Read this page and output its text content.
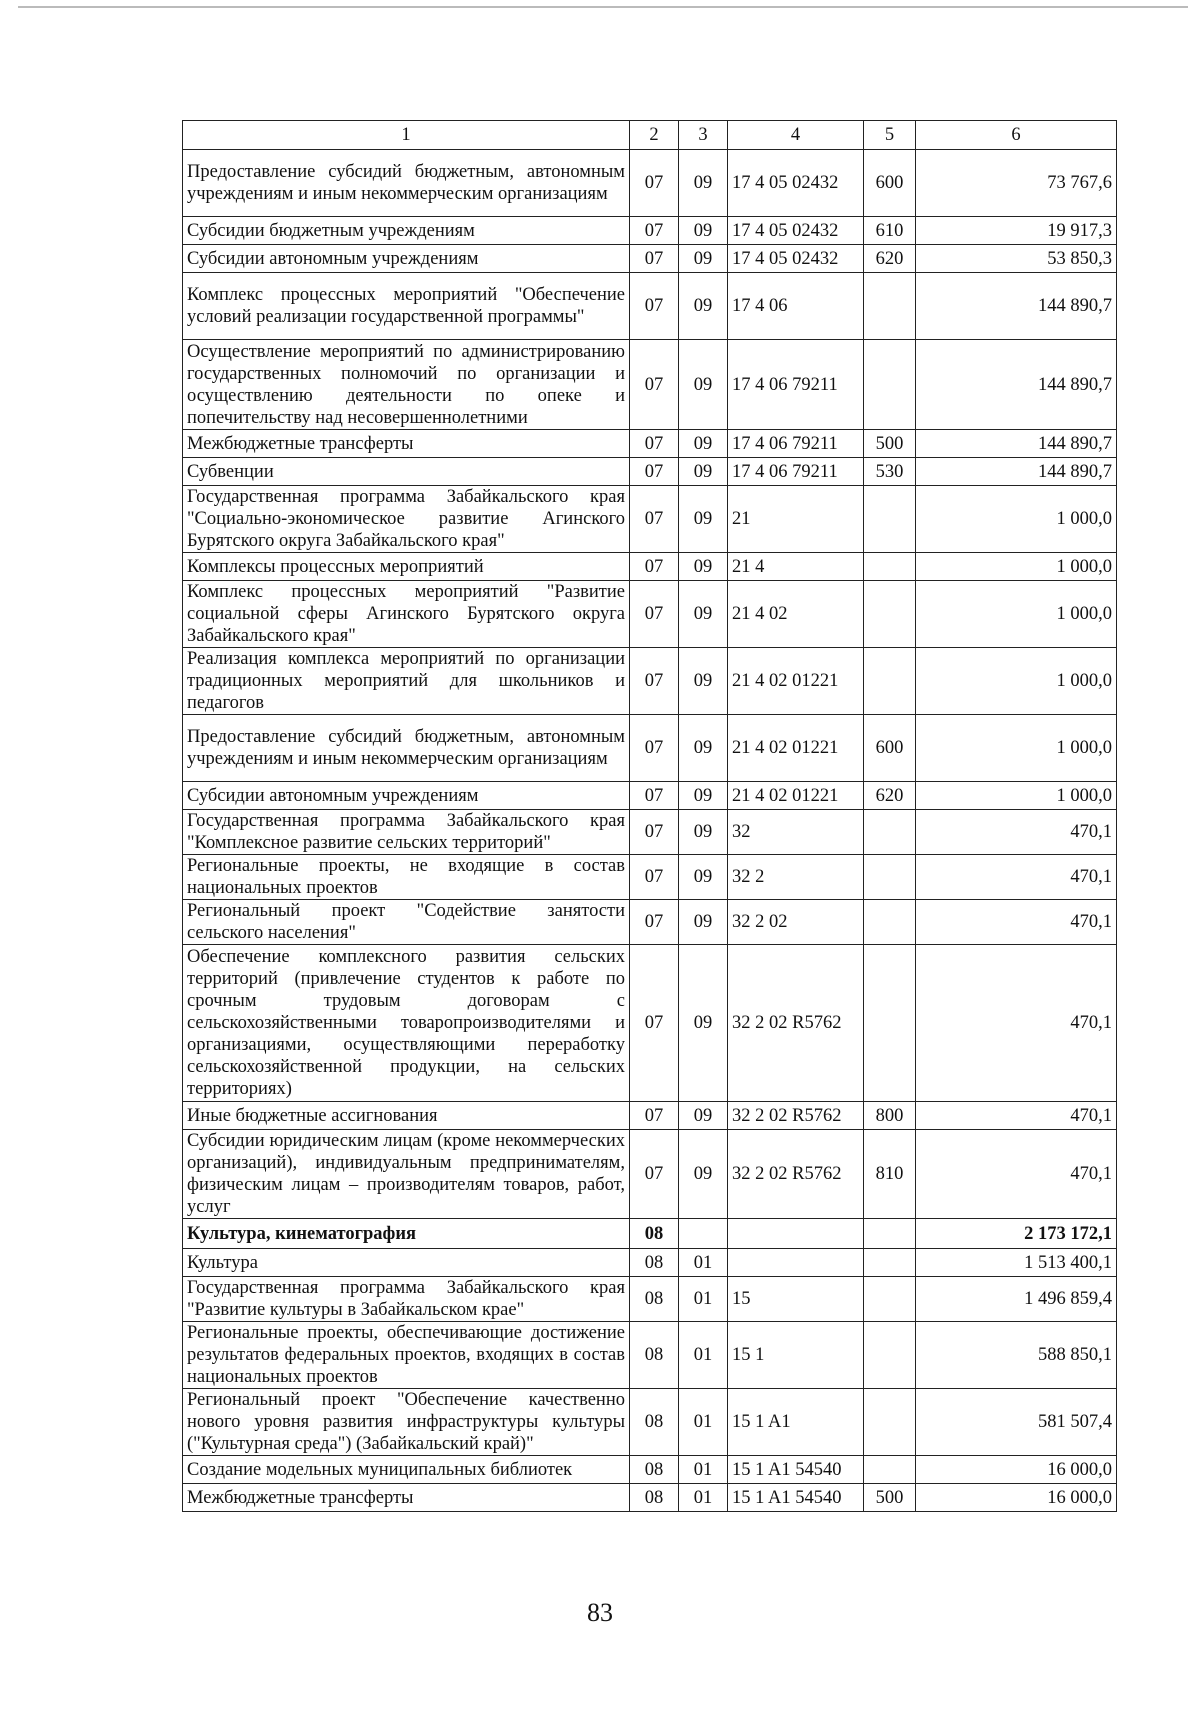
1	2	3	4	5	6
Предоставление субсидий бюджетным, автономным учреждениям и иным некоммерческим организациям	07	09	17 4 05 02432	600	73 767,6
Субсидии бюджетным учреждениям	07	09	17 4 05 02432	610	19 917,3
Субсидии автономным учреждениям	07	09	17 4 05 02432	620	53 850,3
Комплекс процессных мероприятий "Обеспечение условий реализации государственной программы"	07	09	17 4 06		144 890,7
Осуществление мероприятий по администрированию государственных полномочий по организации и осуществлению деятельности по опеке и попечительству над несовершеннолетними	07	09	17 4 06 79211		144 890,7
Межбюджетные трансферты	07	09	17 4 06 79211	500	144 890,7
Субвенции	07	09	17 4 06 79211	530	144 890,7
Государственная программа Забайкальского края "Социально-экономическое развитие Агинского Бурятского округа Забайкальского края"	07	09	21		1 000,0
Комплексы процессных мероприятий	07	09	21 4		1 000,0
Комплекс процессных мероприятий "Развитие социальной сферы Агинского Бурятского округа Забайкальского края"	07	09	21 4 02		1 000,0
Реализация комплекса мероприятий по организации традиционных мероприятий для школьников и педагогов	07	09	21 4 02 01221		1 000,0
Предоставление субсидий бюджетным, автономным учреждениям и иным некоммерческим организациям	07	09	21 4 02 01221	600	1 000,0
Субсидии автономным учреждениям	07	09	21 4 02 01221	620	1 000,0
Государственная программа Забайкальского края "Комплексное развитие сельских территорий"	07	09	32		470,1
Региональные проекты, не входящие в состав национальных проектов	07	09	32 2		470,1
Региональный проект "Содействие занятости сельского населения"	07	09	32 2 02		470,1
Обеспечение комплексного развития сельских территорий (привлечение студентов к работе по срочным трудовым договорам с сельскохозяйственными товаропроизводителями и организациями, осуществляющими переработку сельскохозяйственной продукции, на сельских территориях)	07	09	32 2 02 R5762		470,1
Иные бюджетные ассигнования	07	09	32 2 02 R5762	800	470,1
Субсидии юридическим лицам (кроме некоммерческих организаций), индивидуальным предпринимателям, физическим лицам – производителям товаров, работ, услуг	07	09	32 2 02 R5762	810	470,1
Культура, кинематография	08				2 173 172,1
Культура	08	01			1 513 400,1
Государственная программа Забайкальского края "Развитие культуры в Забайкальском крае"	08	01	15		1 496 859,4
Региональные проекты, обеспечивающие достижение результатов федеральных проектов, входящих в состав национальных проектов	08	01	15 1		588 850,1
Региональный проект "Обеспечение качественно нового уровня развития инфраструктуры культуры ("Культурная среда") (Забайкальский край)"	08	01	15 1 A1		581 507,4
Создание модельных муниципальных библиотек	08	01	15 1 A1 54540		16 000,0
Межбюджетные трансферты	08	01	15 1 A1 54540	500	16 000,0
83
